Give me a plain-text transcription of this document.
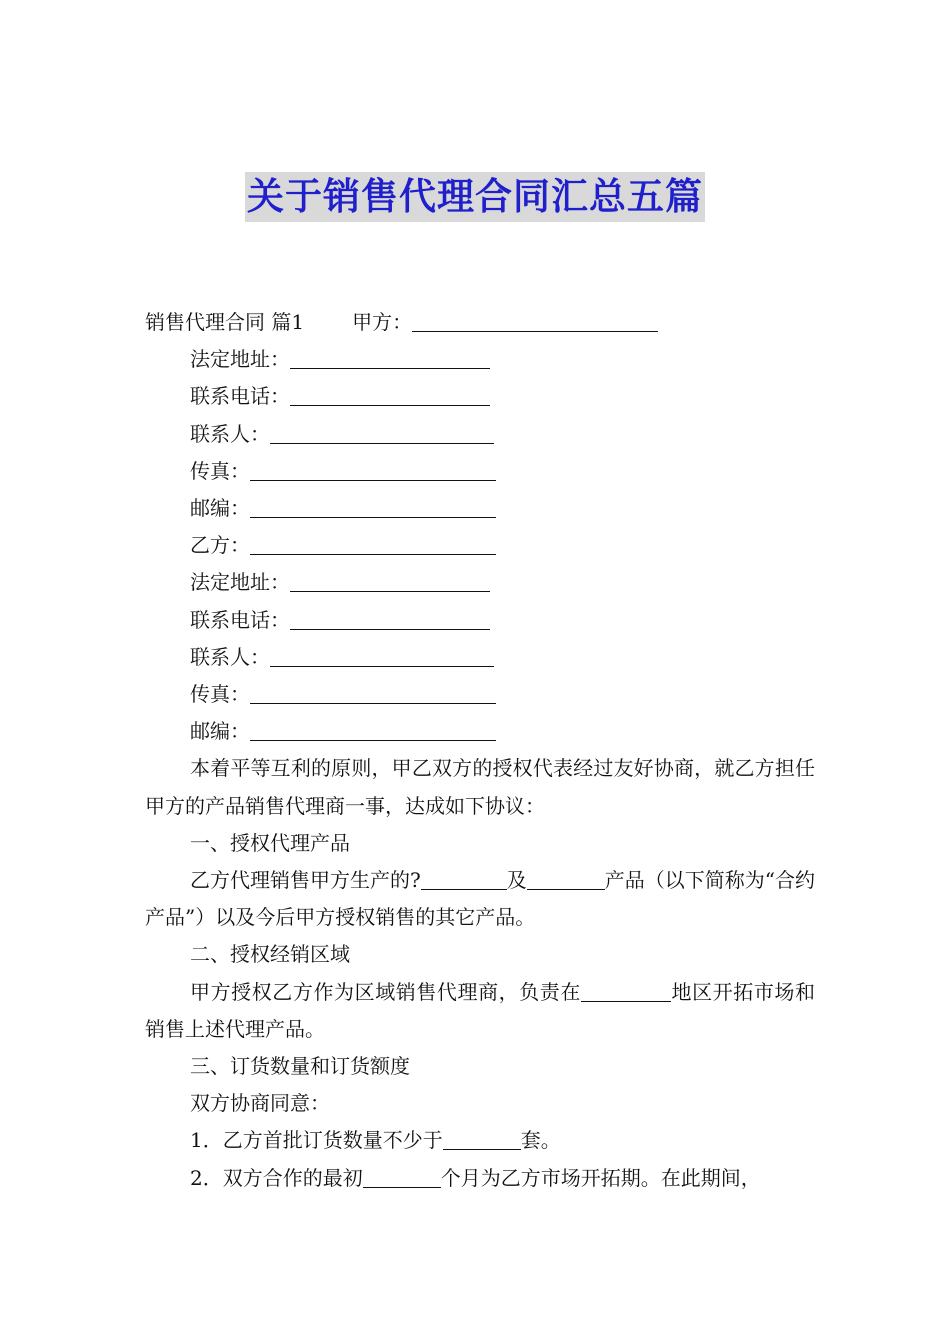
关于销售代理合同汇总五篇

销售代理合同 篇1 甲方：

法定地址：

联系电话：

联系人：

传真：

邮编：

乙方：

法定地址：

联系电话：

联系人：

传真：

邮编：

本着平等互利的原则，甲乙双方的授权代表经过友好协商，就乙方担任甲方的产品销售代理商一事，达成如下协议：

一、授权代理产品

乙方代理销售甲方生产的?	及	产品（以下简称为“合约产品”）以及今后甲方授权销售的其它产品。

二、授权经销区域

甲方授权乙方作为区域销售代理商，负责在	地区开拓市场和销售上述代理产品。

三、订货数量和订货额度

双方协商同意：

1．乙方首批订货数量不少于	套。

2．双方合作的最初	个月为乙方市场开拓期。在此期间，
